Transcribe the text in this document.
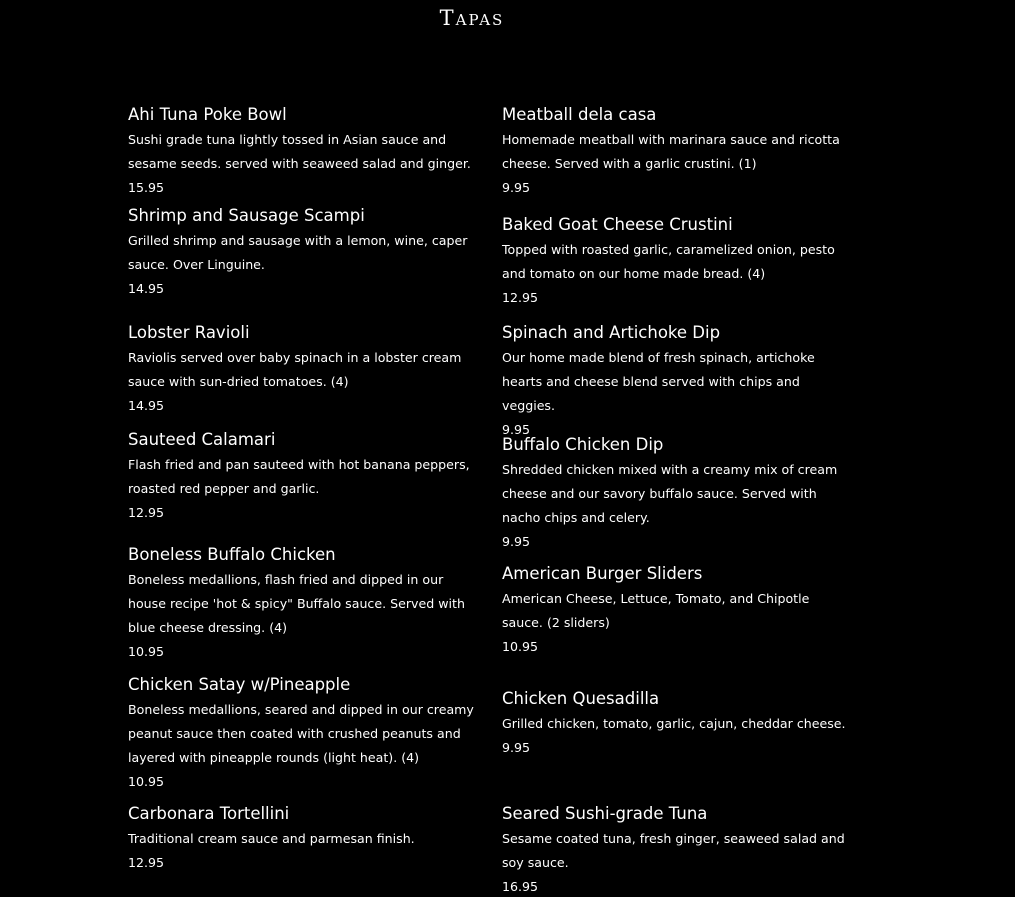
Tapas
Ahi Tuna Poke Bowl

Sushi grade tuna lightly tossed in Asian sauce and sesame seeds. served with seaweed salad and ginger.

15.95

Shrimp and Sausage Scampi

Grilled shrimp and sausage with a lemon, wine, caper sauce. Over Linguine.

14.95

Lobster Ravioli

Raviolis served over baby spinach in a lobster cream sauce with sun-dried tomatoes. (4)

14.95

Sauteed Calamari

Flash fried and pan sauteed with hot banana peppers, roasted red pepper and garlic.

12.95

Boneless Buffalo Chicken

Boneless medallions, flash fried and dipped in our house recipe 'hot & spicy" Buffalo sauce. Served with blue cheese dressing. (4)

10.95

Chicken Satay w/Pineapple

Boneless medallions, seared and dipped in our creamy peanut sauce then coated with crushed peanuts and layered with pineapple rounds (light heat). (4)

10.95

Carbonara Tortellini

Traditional cream sauce and parmesan finish.

12.95

Meatball dela casa

Homemade meatball with marinara sauce and ricotta cheese. Served with a garlic crustini. (1)

9.95

Baked Goat Cheese Crustini

Topped with roasted garlic, caramelized onion, pesto and tomato on our home made bread. (4)

12.95

Spinach and Artichoke Dip

Our home made blend of fresh spinach, artichoke hearts and cheese blend served with chips and veggies.

9.95

Buffalo Chicken Dip

Shredded chicken mixed with a creamy mix of cream cheese and our savory buffalo sauce. Served with nacho chips and celery.

9.95

American Burger Sliders

American Cheese, Lettuce, Tomato, and Chipotle sauce. (2 sliders)

10.95

Chicken Quesadilla

Grilled chicken, tomato, garlic, cajun, cheddar cheese.

9.95

Seared Sushi-grade Tuna

Sesame coated tuna, fresh ginger, seaweed salad and soy sauce.

16.95
